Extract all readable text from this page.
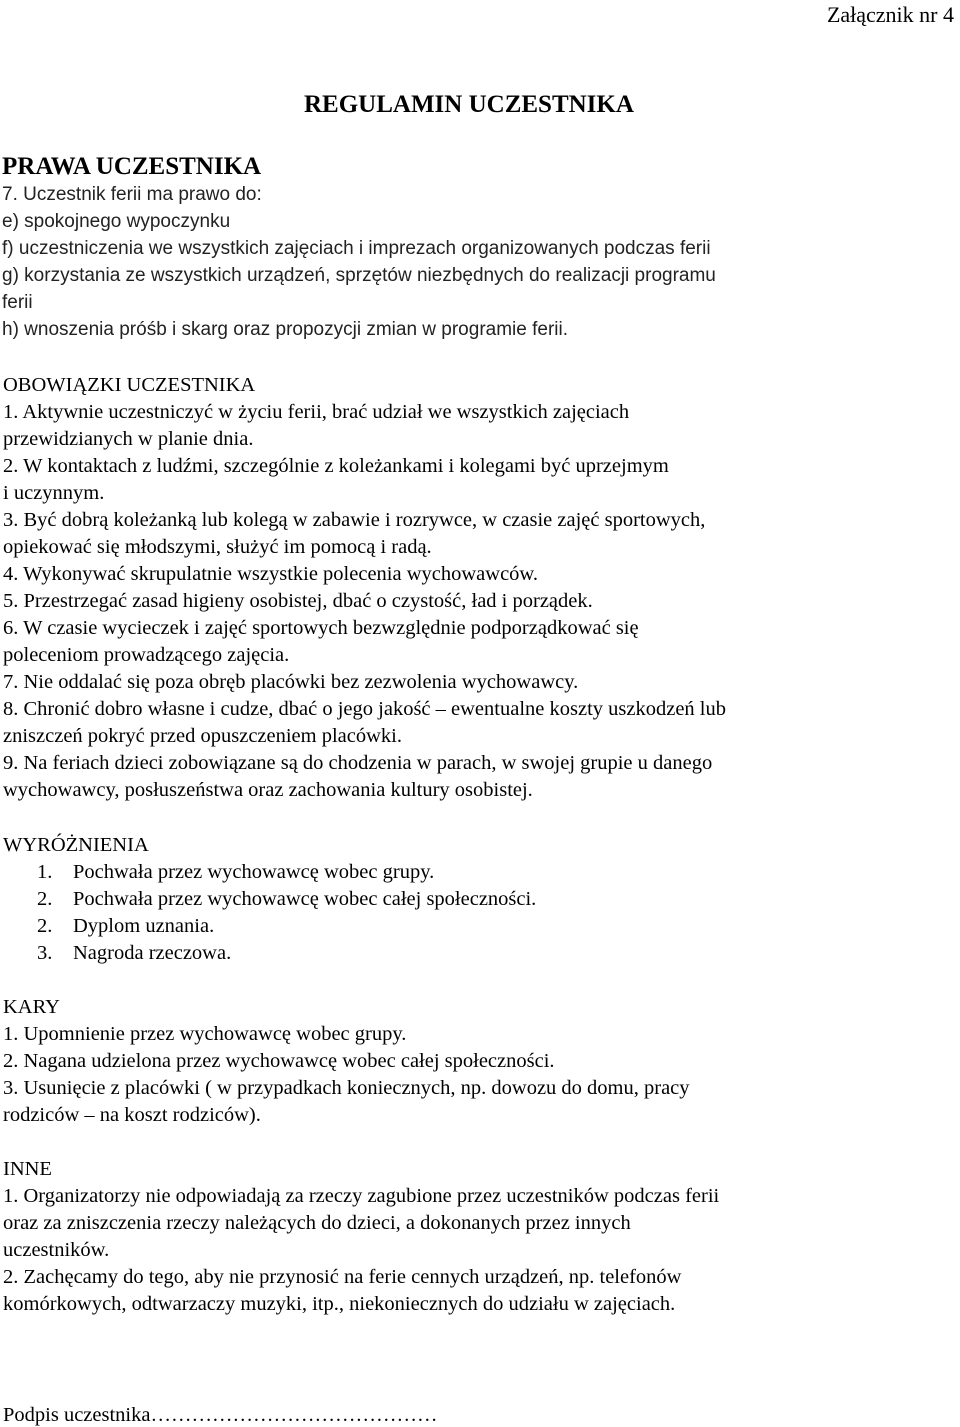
Załącznik nr 4
REGULAMIN UCZESTNIKA
PRAWA UCZESTNIKA
7. Uczestnik ferii ma prawo do:
e) spokojnego wypoczynku
f) uczestniczenia we wszystkich zajęciach i imprezach organizowanych podczas ferii
g) korzystania ze wszystkich urządzeń, sprzętów niezbędnych do realizacji programu
ferii
h) wnoszenia próśb i skarg oraz propozycji zmian w programie ferii.
OBOWIĄZKI UCZESTNIKA
1. Aktywnie uczestniczyć w życiu ferii, brać udział we wszystkich zajęciach
przewidzianych w planie dnia.
2. W kontaktach z ludźmi, szczególnie z koleżankami i kolegami być uprzejmym
i uczynnym.
3. Być dobrą koleżanką lub kolegą w zabawie i rozrywce, w czasie zajęć sportowych,
opiekować się młodszymi, służyć im pomocą i radą.
4. Wykonywać skrupulatnie wszystkie polecenia wychowawców.
5. Przestrzegać zasad higieny osobistej, dbać o czystość, ład i porządek.
6. W czasie wycieczek i zajęć sportowych bezwzględnie podporządkować się
poleceniom prowadzącego zajęcia.
7. Nie oddalać się poza obręb placówki bez zezwolenia wychowawcy.
8. Chronić dobro własne i cudze, dbać o jego jakość – ewentualne koszty uszkodzeń lub
zniszczeń pokryć przed opuszczeniem placówki.
9. Na feriach dzieci zobowiązane są do chodzenia w parach, w swojej grupie u danego
wychowawcy, posłuszeństwa oraz zachowania kultury osobistej.
WYRÓŻNIENIA
1. Pochwała przez wychowawcę wobec grupy.
2. Pochwała przez wychowawcę wobec całej społeczności.
2. Dyplom uznania.
3. Nagroda rzeczowa.
KARY
1. Upomnienie przez wychowawcę wobec grupy.
2. Nagana udzielona przez wychowawcę wobec całej społeczności.
3. Usunięcie z placówki ( w przypadkach koniecznych, np. dowozu do domu, pracy
rodziców – na koszt rodziców).
INNE
1. Organizatorzy nie odpowiadają za rzeczy zagubione przez uczestników podczas ferii
oraz za zniszczenia rzeczy należących do dzieci, a dokonanych przez innych
uczestników.
2. Zachęcamy do tego, aby nie przynosić na ferie cennych urządzeń, np. telefonów
komórkowych, odtwarzaczy muzyki, itp., niekoniecznych do udziału w zajęciach.
Podpis uczestnika……………………………………
